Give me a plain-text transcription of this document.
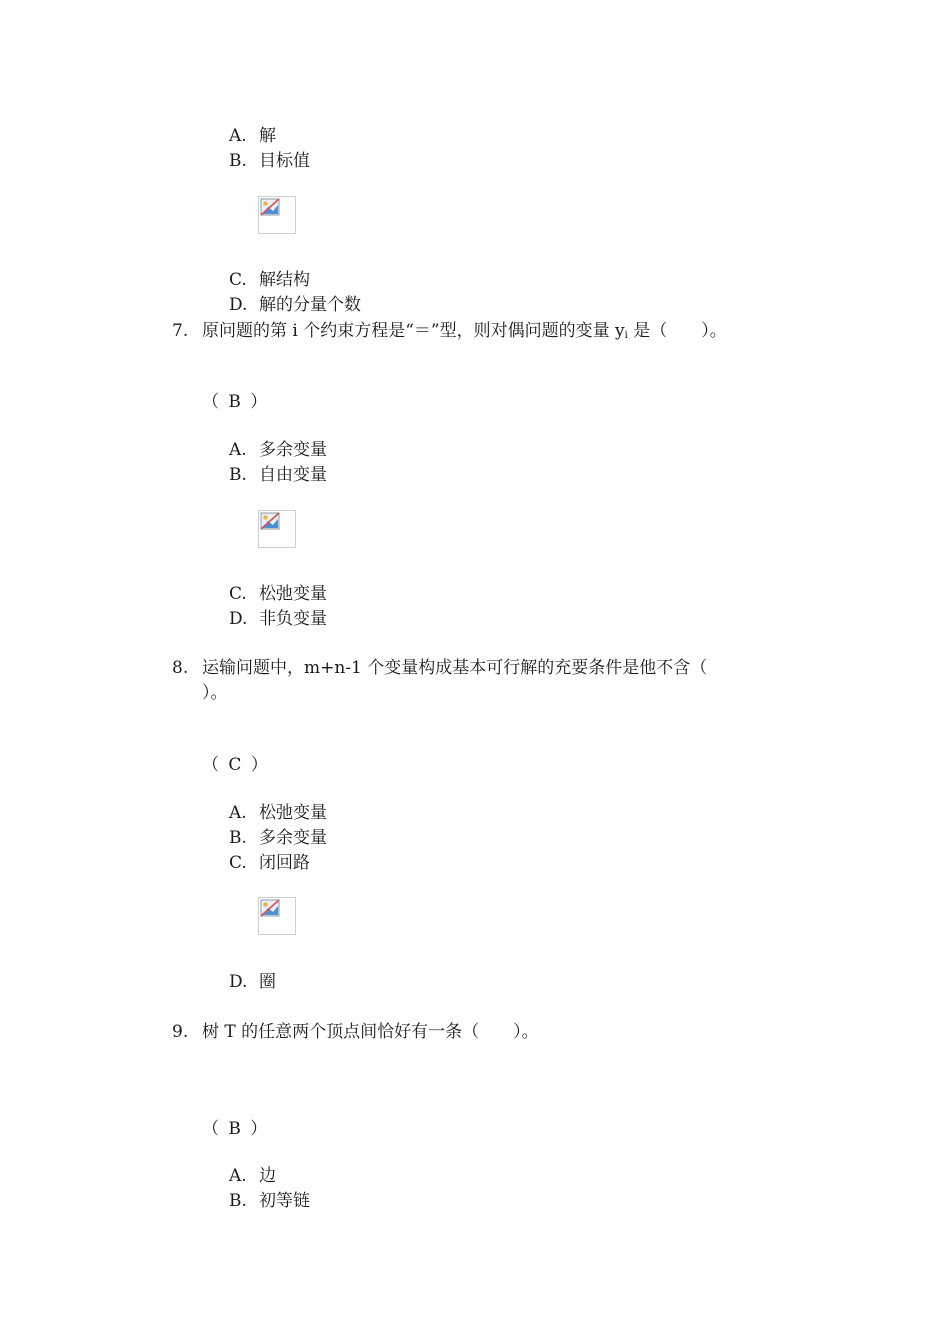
A. 解
B. 目标值
C. 解结构
D. 解的分量个数
7. 原问题的第 i 个约束方程是“＝”型，则对偶问题的变量 $y_i$ 是（　　）。
（ B ）
A. 多余变量
B. 自由变量
C. 松弛变量
D. 非负变量
8. 运输问题中，m+n-1 个变量构成基本可行解的充要条件是他不含（
）。
（ C ）
A. 松弛变量
B. 多余变量
C. 闭回路
D. 圈
9. 树 T 的任意两个顶点间恰好有一条（　　）。
（ B ）
A. 边
B. 初等链
